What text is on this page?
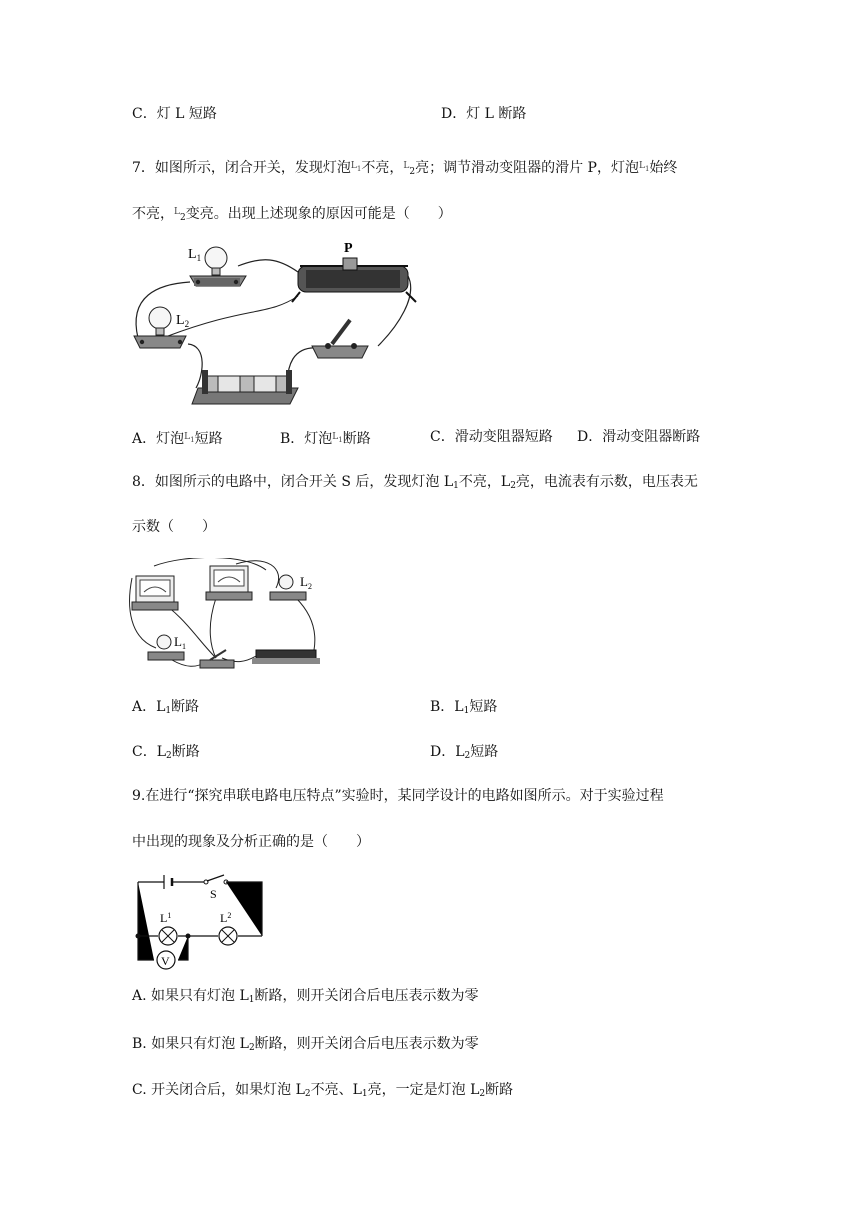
C．灯 L 短路	D．灯 L 断路
7．如图所示，闭合开关，发现灯泡$^L$1不亮，$^L_2$亮；调节滑动变阻器的滑片 P，灯泡$^L$1始终
不亮，$^L_2$变亮。出现上述现象的原因可能是（　　）
$L_1$
$L_2$
P
A．灯泡$^L$1短路	B．灯泡$^L$1断路	C．滑动变阻器短路 D．滑动变阻器断路
8．如图所示的电路中，闭合开关 S 后，发现灯泡 $L_1$不亮，$L_2$亮，电流表有示数，电压表无
示数（　　）
$L_2$
$L_1$
A．$L_1$断路	B．$L_1$短路
C．$L_2$断路	D．$L_2$短路
9.在进行“探究串联电路电压特点”实验时，某同学设计的电路如图所示。对于实验过程
中出现的现象及分析正确的是（　　）
S
$L^1$	$L^2$
V
A. 如果只有灯泡 $L_1$断路，则开关闭合后电压表示数为零
B. 如果只有灯泡 $L_2$断路，则开关闭合后电压表示数为零
C. 开关闭合后，如果灯泡 $L_2$不亮、$L_1$亮，一定是灯泡 $L_2$断路
